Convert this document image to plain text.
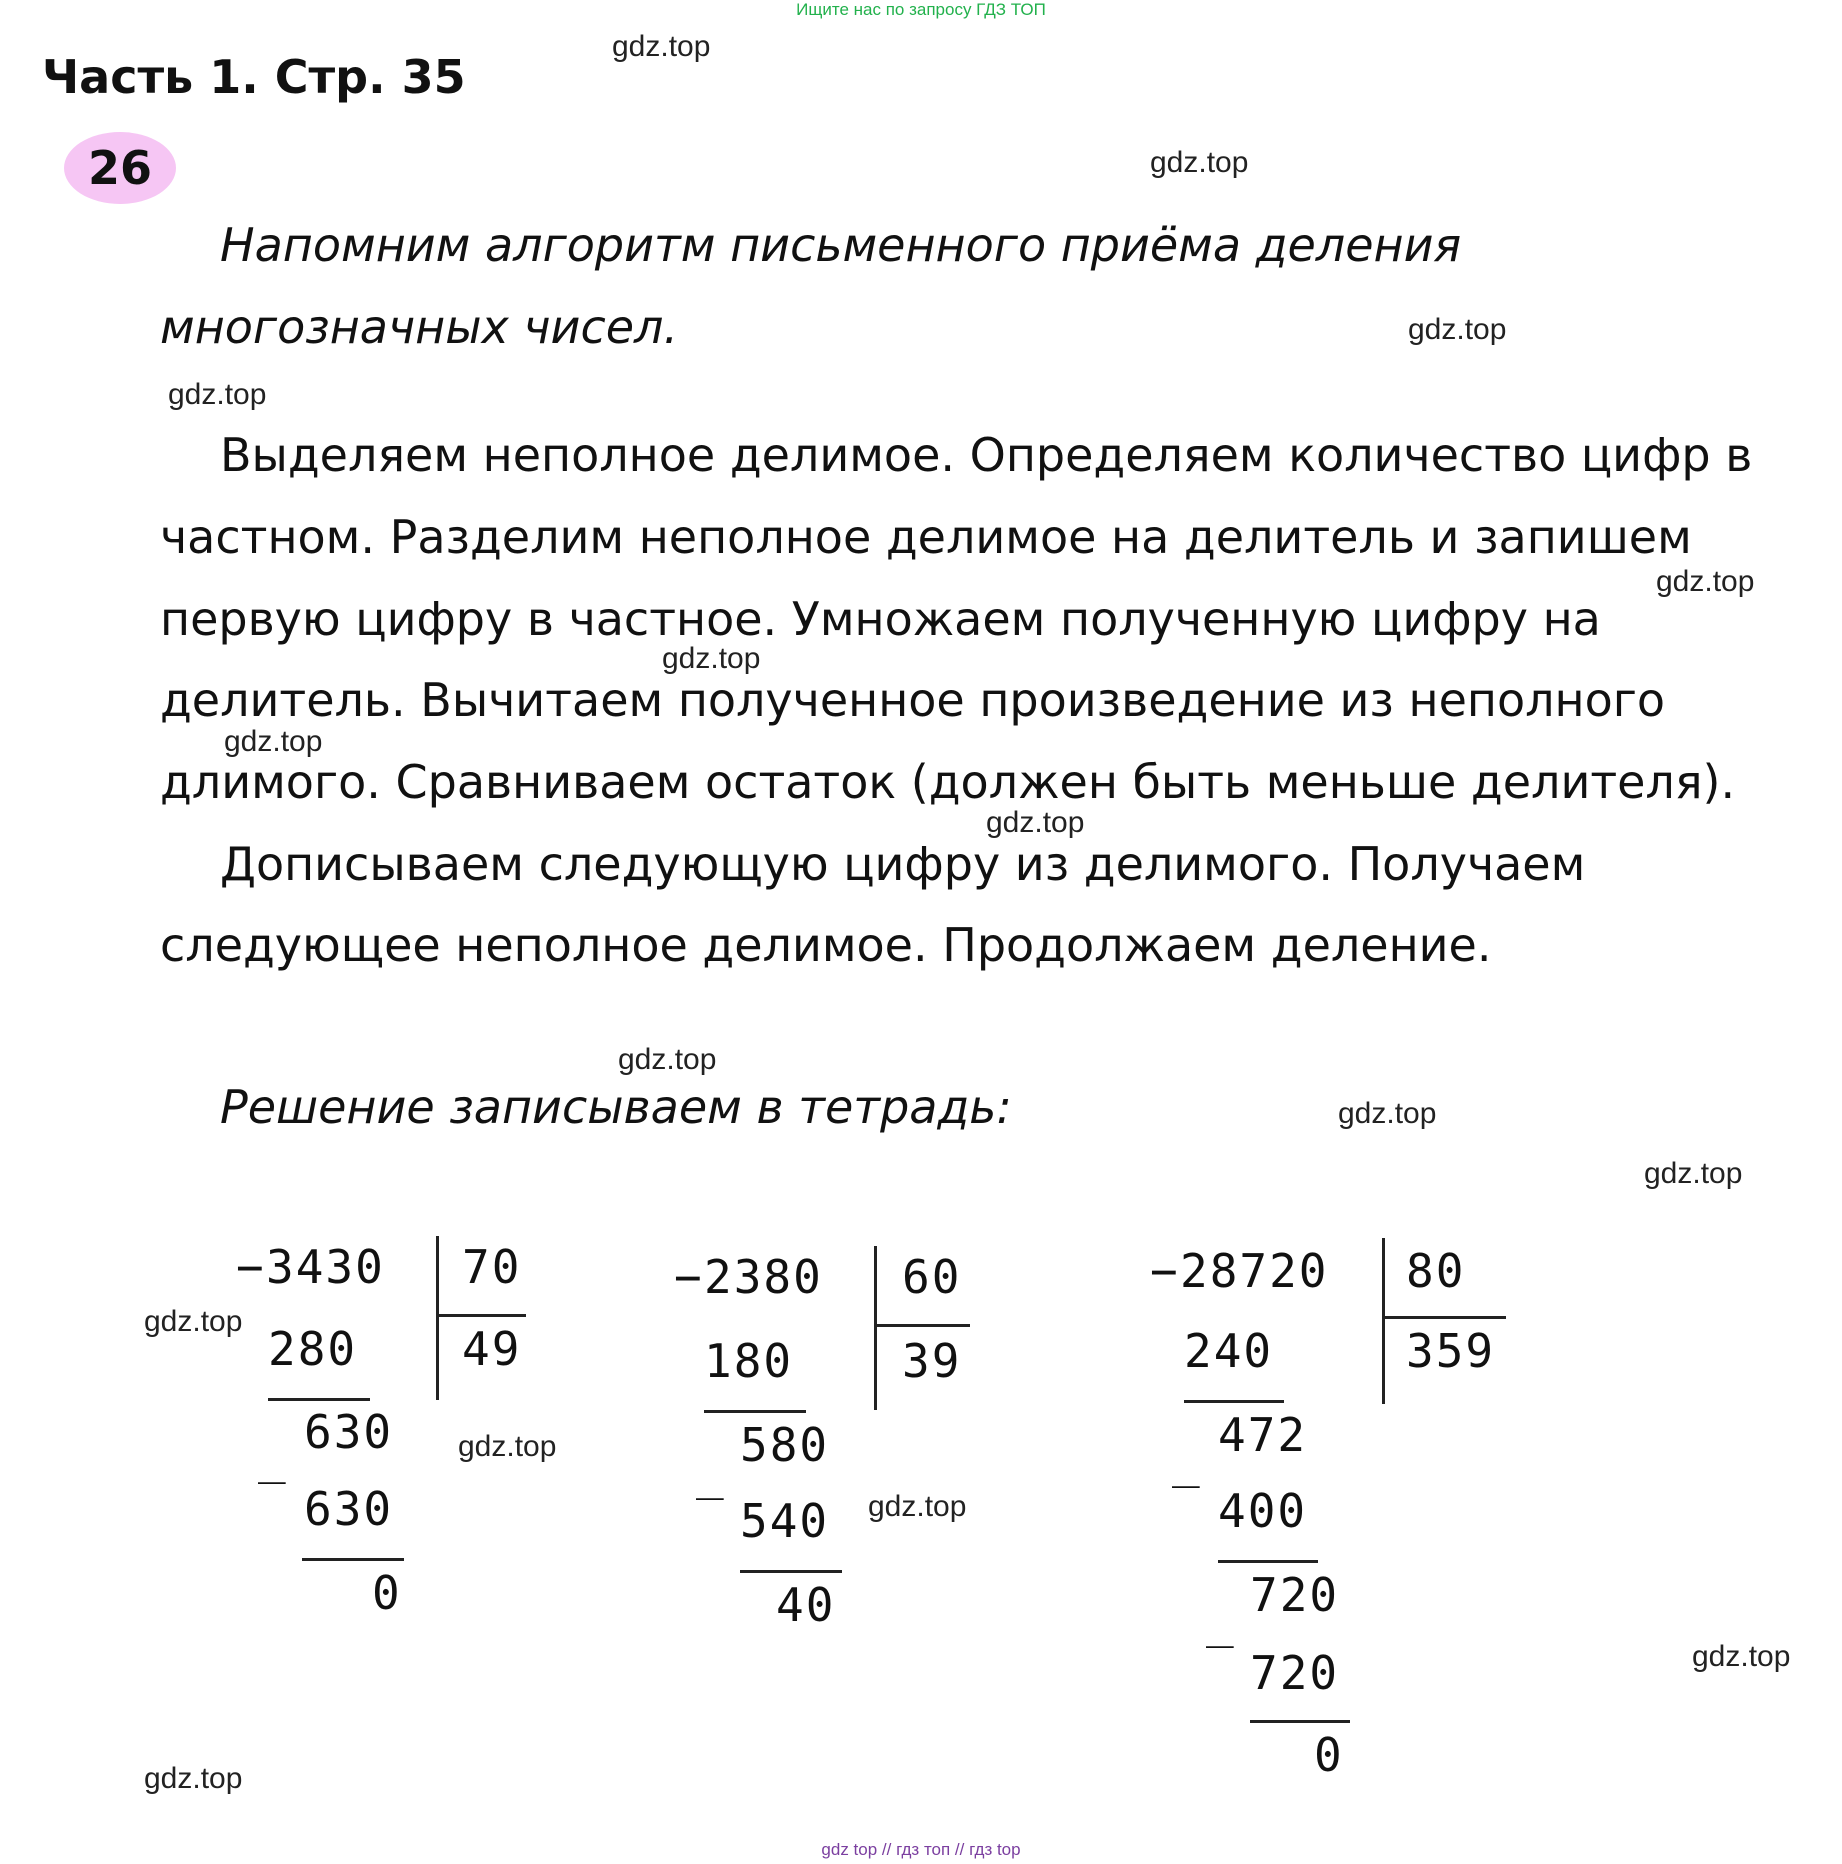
Ищите нас по запросу ГДЗ ТОП
Часть 1. Стр. 35
26
gdz.top
gdz.top
gdz.top
gdz.top
gdz.top
gdz.top
gdz.top
gdz.top
gdz.top
gdz.top
gdz.top
gdz.top
gdz.top
gdz.top
gdz.top
gdz.top
Напомним алгоритм письменного приёма деления
многозначных чисел.
Выделяем неполное делимое. Определяем количество цифр в
частном. Разделим неполное делимое на делитель и запишем
первую цифру в частное. Умножаем полученную цифру на
делитель. Вычитаем полученное произведение из неполного
длимого. Сравниваем остаток (должен быть меньше делителя).
Дописываем следующую цифру из делимого. Получаем
следующее неполное делимое. Продолжаем деление.
Решение записываем в тетрадь:
− 3430 70
49
280
630
_
630
0
− 2380 60
39
180
580
_
540
40
− 28720 80
359
240
472
_
400
720
_
720
0
gdz top // гдз топ // гдз top
